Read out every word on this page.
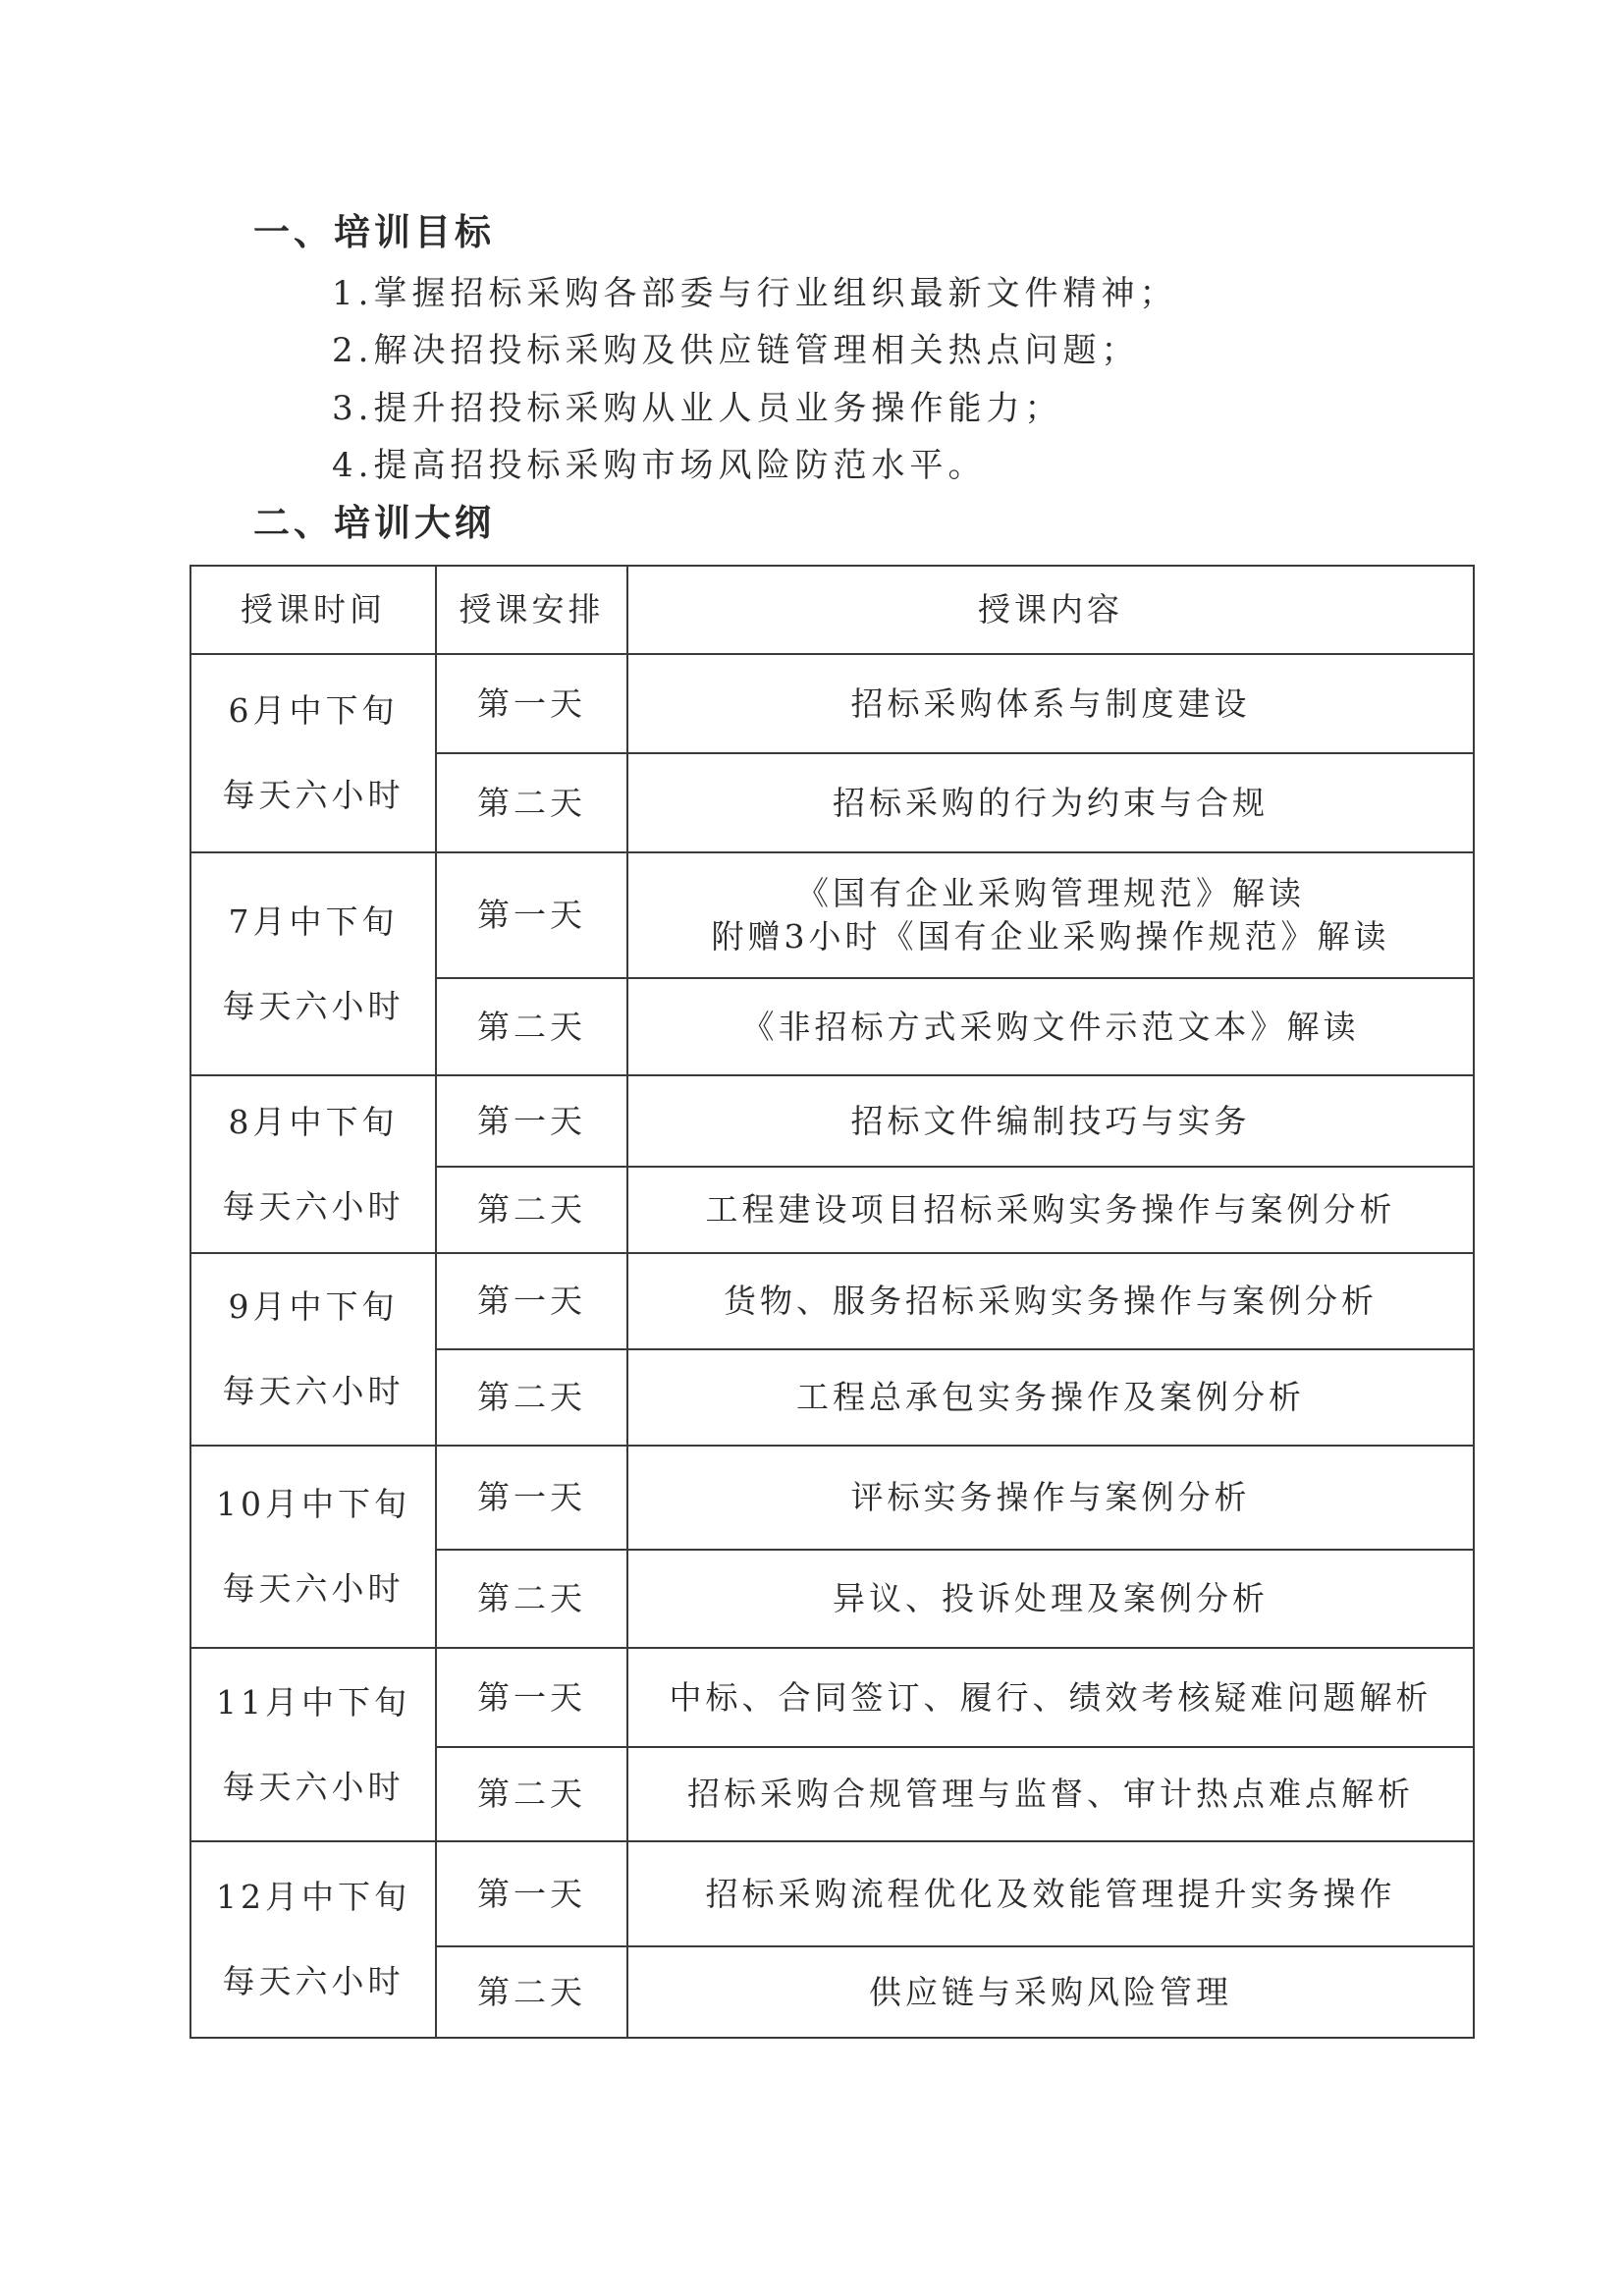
一、培训目标
1.掌握招标采购各部委与行业组织最新文件精神；
2.解决招投标采购及供应链管理相关热点问题；
3.提升招投标采购从业人员业务操作能力；
4.提高招投标采购市场风险防范水平。
二、培训大纲
授课时间	授课安排	授课内容

6月中下旬
每天六小时	第一天	招标采购体系与制度建设

	第二天	招标采购的行为约束与合规

7月中下旬
每天六小时	第一天	《国有企业采购管理规范》解读
附赠3小时《国有企业采购操作规范》解读

	第二天	《非招标方式采购文件示范文本》解读

8月中下旬
每天六小时	第一天	招标文件编制技巧与实务

	第二天	工程建设项目招标采购实务操作与案例分析

9月中下旬
每天六小时	第一天	货物、服务招标采购实务操作与案例分析

	第二天	工程总承包实务操作及案例分析

10月中下旬
每天六小时	第一天	评标实务操作与案例分析

	第二天	异议、投诉处理及案例分析

11月中下旬
每天六小时	第一天	中标、合同签订、履行、绩效考核疑难问题解析

	第二天	招标采购合规管理与监督、审计热点难点解析

12月中下旬
每天六小时	第一天	招标采购流程优化及效能管理提升实务操作

	第二天	供应链与采购风险管理
